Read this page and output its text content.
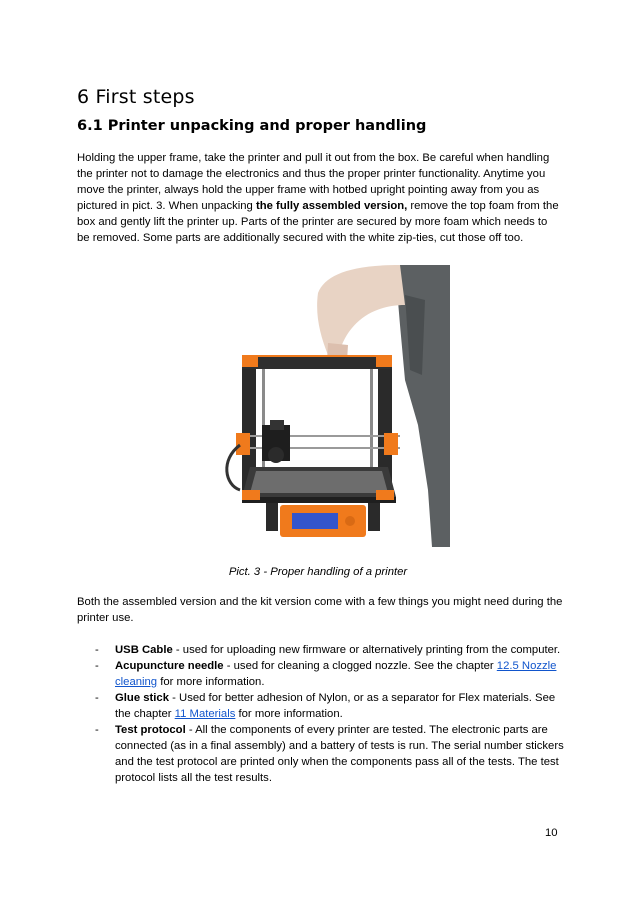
6 First steps
6.1 Printer unpacking and proper handling
Holding the upper frame, take the printer and pull it out from the box. Be careful when handling the printer not to damage the electronics and thus the proper printer functionality. Anytime you move the printer, always hold the upper frame with hotbed upright pointing away from you as pictured in pict. 3. When unpacking the fully assembled version, remove the top foam from the box and gently lift the printer up. Parts of the printer are secured by more foam which needs to be removed. Some parts are additionally secured with the white zip-ties, cut those off too.
Pict. 3 - Proper handling of a printer
Both the assembled version and the kit version come with a few things you might need during the printer use.
- USB Cable - used for uploading new firmware or alternatively printing from the computer.
- Acupuncture needle - used for cleaning a clogged nozzle. See the chapter 12.5 Nozzle cleaning for more information.
- Glue stick - Used for better adhesion of Nylon, or as a separator for Flex materials. See the chapter 11 Materials for more information.
- Test protocol - All the components of every printer are tested. The electronic parts are connected (as in a final assembly) and a battery of tests is run. The serial number stickers and the test protocol are printed only when the components pass all of the tests. The test protocol lists all the test results.
10
